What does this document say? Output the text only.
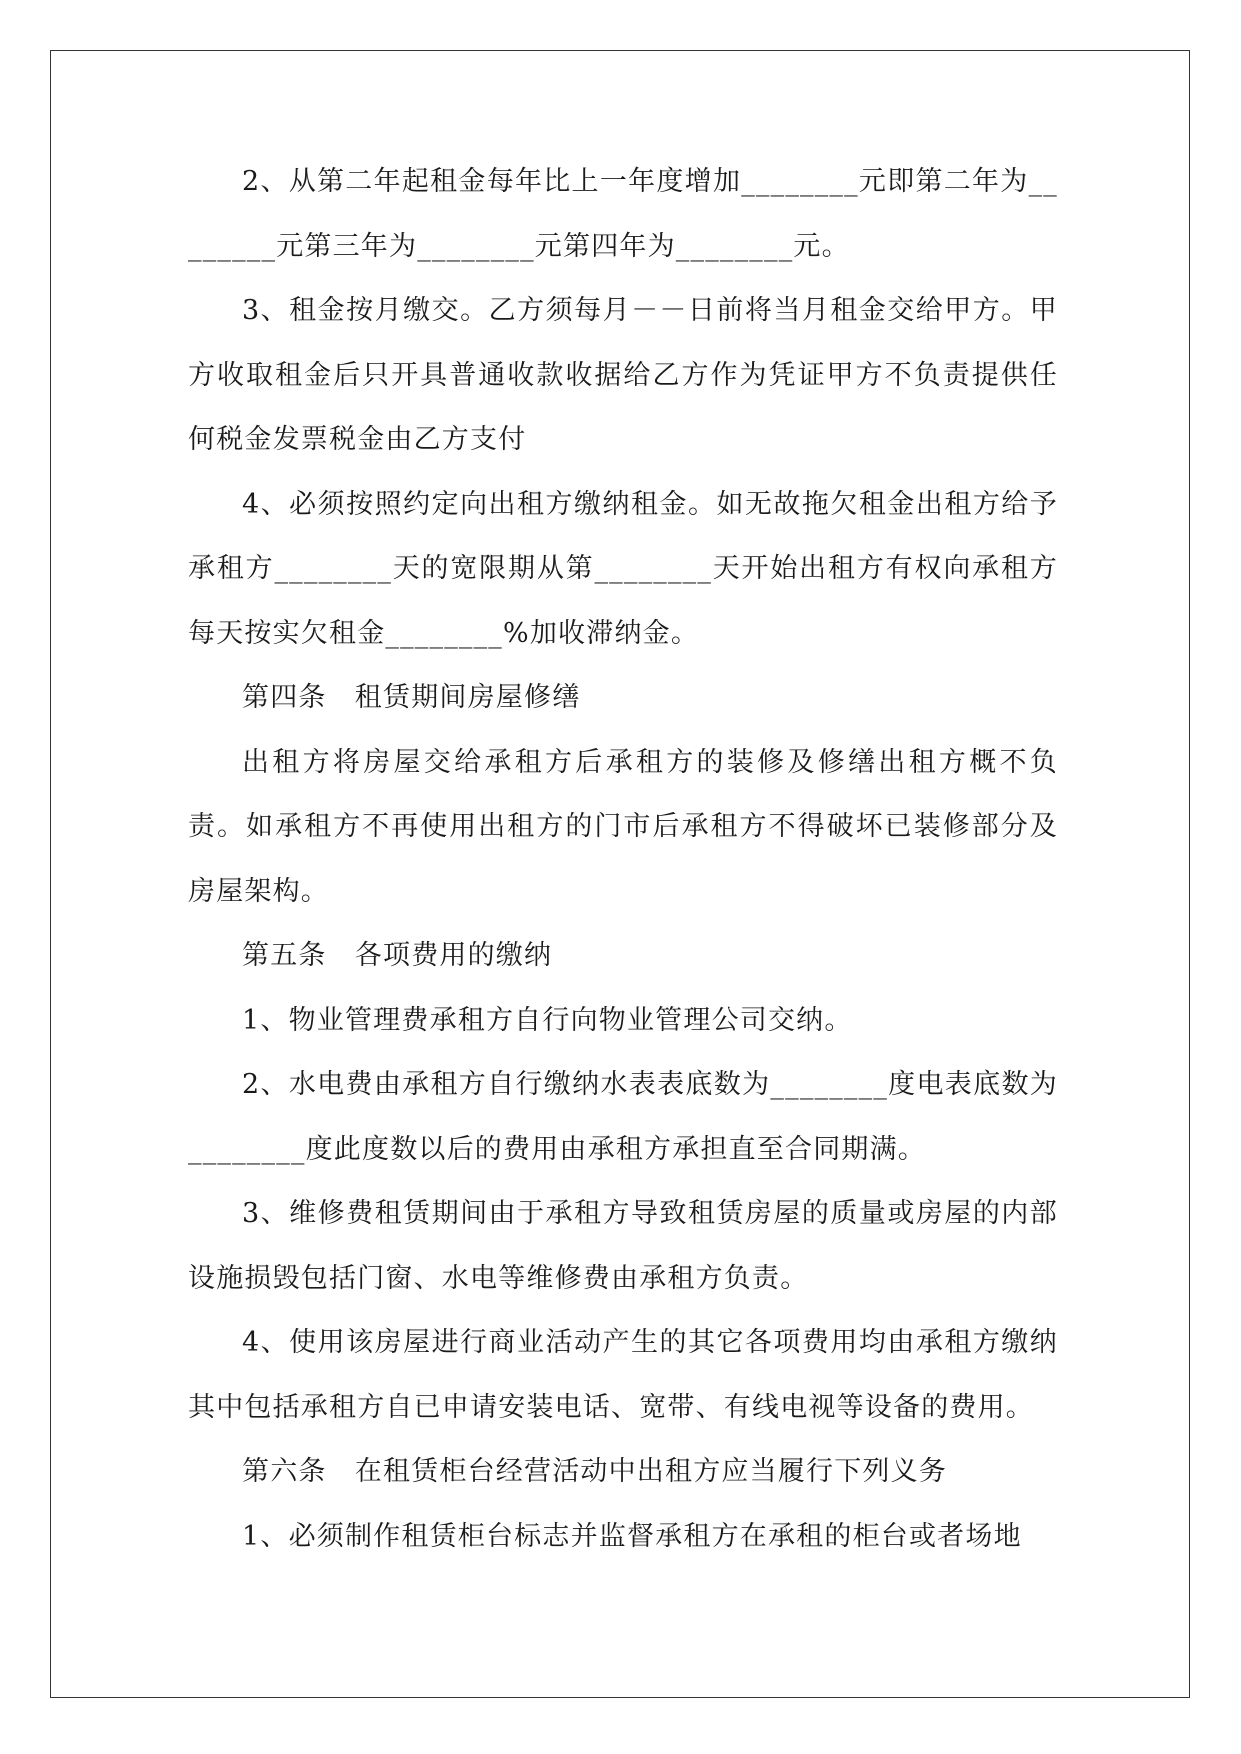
2、从第二年起租金每年比上一年度增加________元即第二年为________元第三年为________元第四年为________元。

3、租金按月缴交。乙方须每月－－日前将当月租金交给甲方。甲方收取租金后只开具普通收款收据给乙方作为凭证甲方不负责提供任何税金发票税金由乙方支付

4、必须按照约定向出租方缴纳租金。如无故拖欠租金出租方给予承租方________天的宽限期从第________天开始出租方有权向承租方每天按实欠租金________%加收滞纳金。

第四条　租赁期间房屋修缮

出租方将房屋交给承租方后承租方的装修及修缮出租方概不负责。如承租方不再使用出租方的门市后承租方不得破坏已装修部分及房屋架构。

第五条　各项费用的缴纳

1、物业管理费承租方自行向物业管理公司交纳。

2、水电费由承租方自行缴纳水表表底数为________度电表底数为________度此度数以后的费用由承租方承担直至合同期满。

3、维修费租赁期间由于承租方导致租赁房屋的质量或房屋的内部设施损毁包括门窗、水电等维修费由承租方负责。

4、使用该房屋进行商业活动产生的其它各项费用均由承租方缴纳其中包括承租方自已申请安装电话、宽带、有线电视等设备的费用。

第六条　在租赁柜台经营活动中出租方应当履行下列义务

1、必须制作租赁柜台标志并监督承租方在承租的柜台或者场地
